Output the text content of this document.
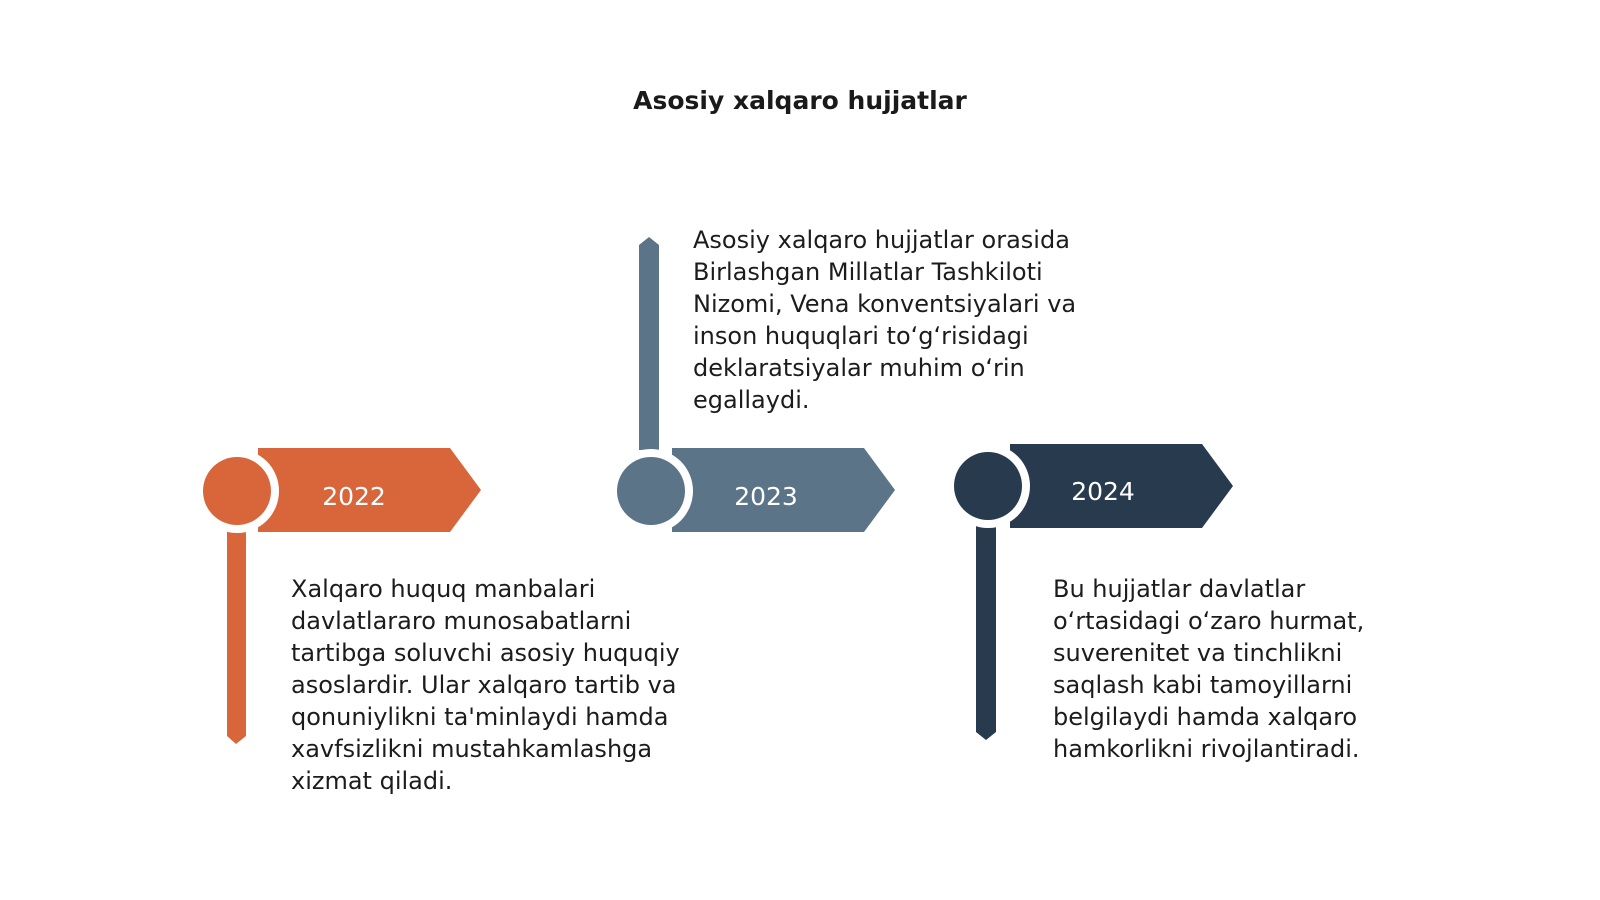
Asosiy xalqaro hujjatlar
2022	2023	2024
Xalqaro huquq manbalari
davlatlararo munosabatlarni
tartibga soluvchi asosiy huquqiy
asoslardir. Ular xalqaro tartib va
qonuniylikni ta'minlaydi hamda
xavfsizlikni mustahkamlashga
xizmat qiladi.
Asosiy xalqaro hujjatlar orasida
Birlashgan Millatlar Tashkiloti
Nizomi, Vena konventsiyalari va
inson huquqlari toʻgʻrisidagi
deklaratsiyalar muhim oʻrin
egallaydi.
Bu hujjatlar davlatlar
oʻrtasidagi oʻzaro hurmat,
suverenitet va tinchlikni
saqlash kabi tamoyillarni
belgilaydi hamda xalqaro
hamkorlikni rivojlantiradi.
